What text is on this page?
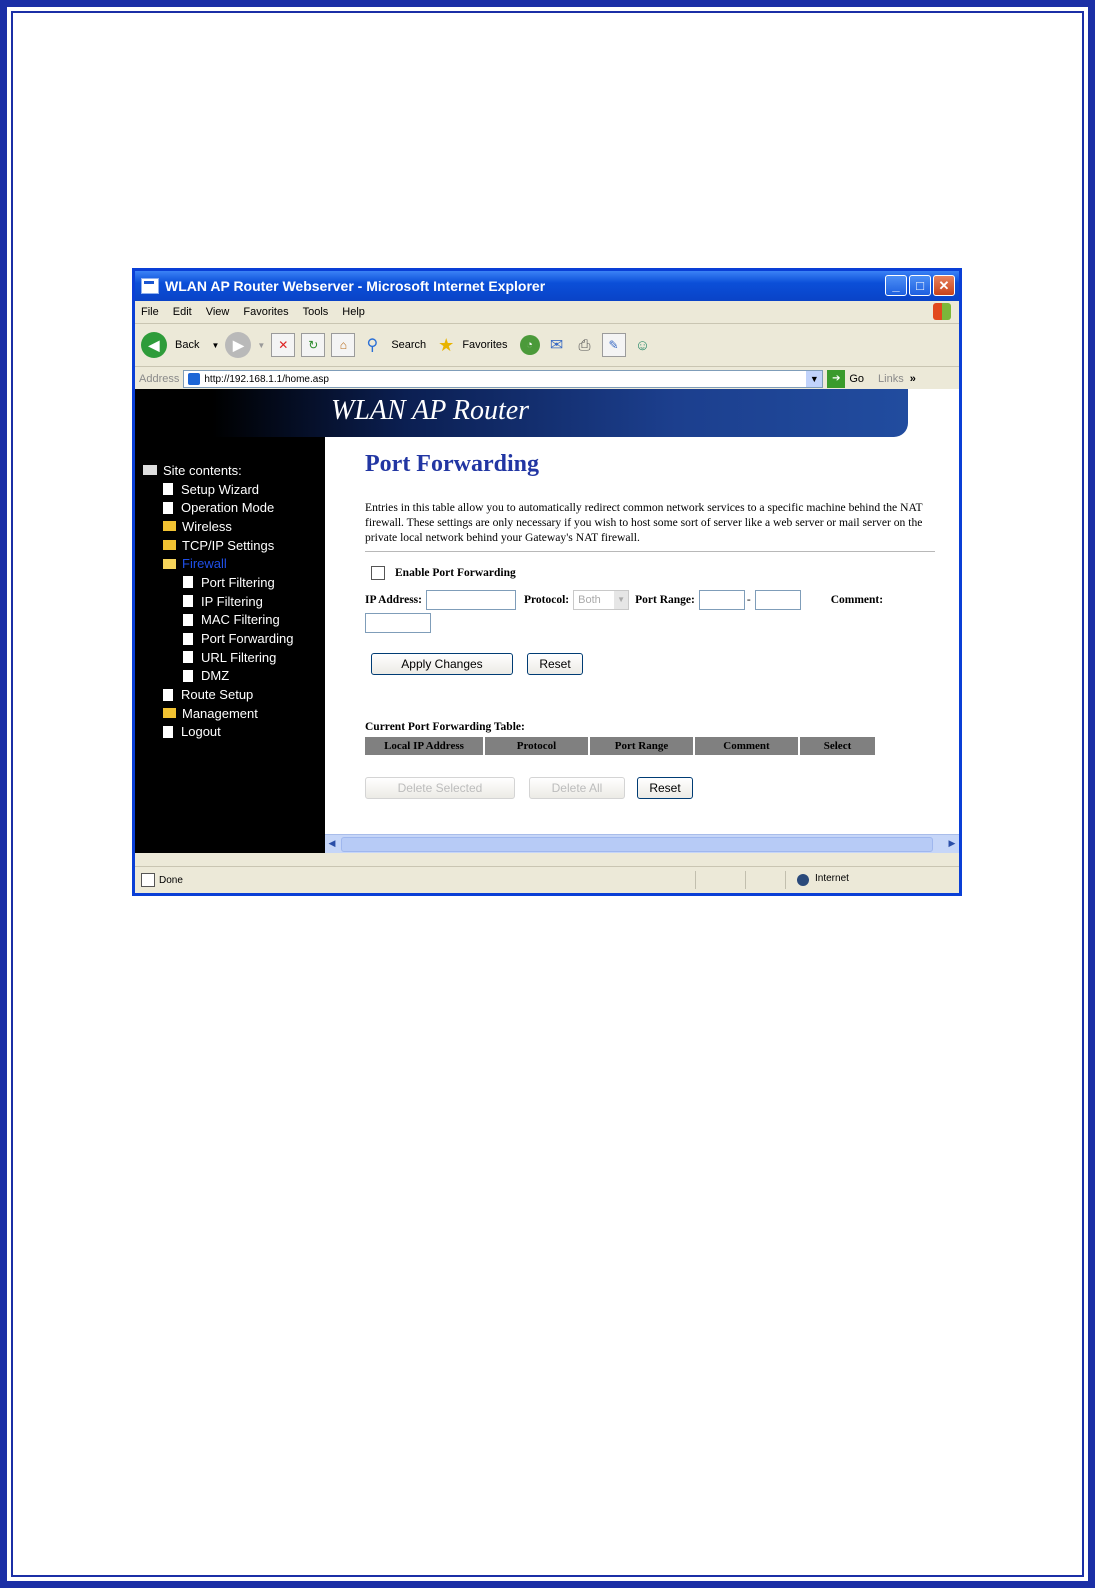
WLAN AP Router Webserver - Microsoft Internet Explorer	_	□	✕
File Edit View Favorites Tools Help
◀	Back ▼ ▶	▼	✕	↻	⌂	⚲	Search ★ Favorites	◔	✉	⎙	✎	☺
Address	http://192.168.1.1/home.asp	▼	➔ Go Links »
WLAN AP Router
Site contents:
Setup Wizard
Operation Mode
Wireless
TCP/IP Settings
Firewall
Port Filtering
IP Filtering
MAC Filtering
Port Forwarding
URL Filtering
DMZ
Route Setup
Management
Logout
Port Forwarding

Entries in this table allow you to automatically redirect common network services to a specific machine behind the NAT firewall. These settings are only necessary if you wish to host some sort of server like a web server or mail server on the private local network behind your Gateway's NAT firewall.

Enable Port Forwarding
IP Address:	Protocol: Both	▼ Port Range:	-	Comment:
Apply Changes	Reset

Current Port Forwarding Table:

Local IP Address	Protocol	Port Range	Comment	Select
Delete Selected	Delete All	Reset
◀	▶
Done	Internet
